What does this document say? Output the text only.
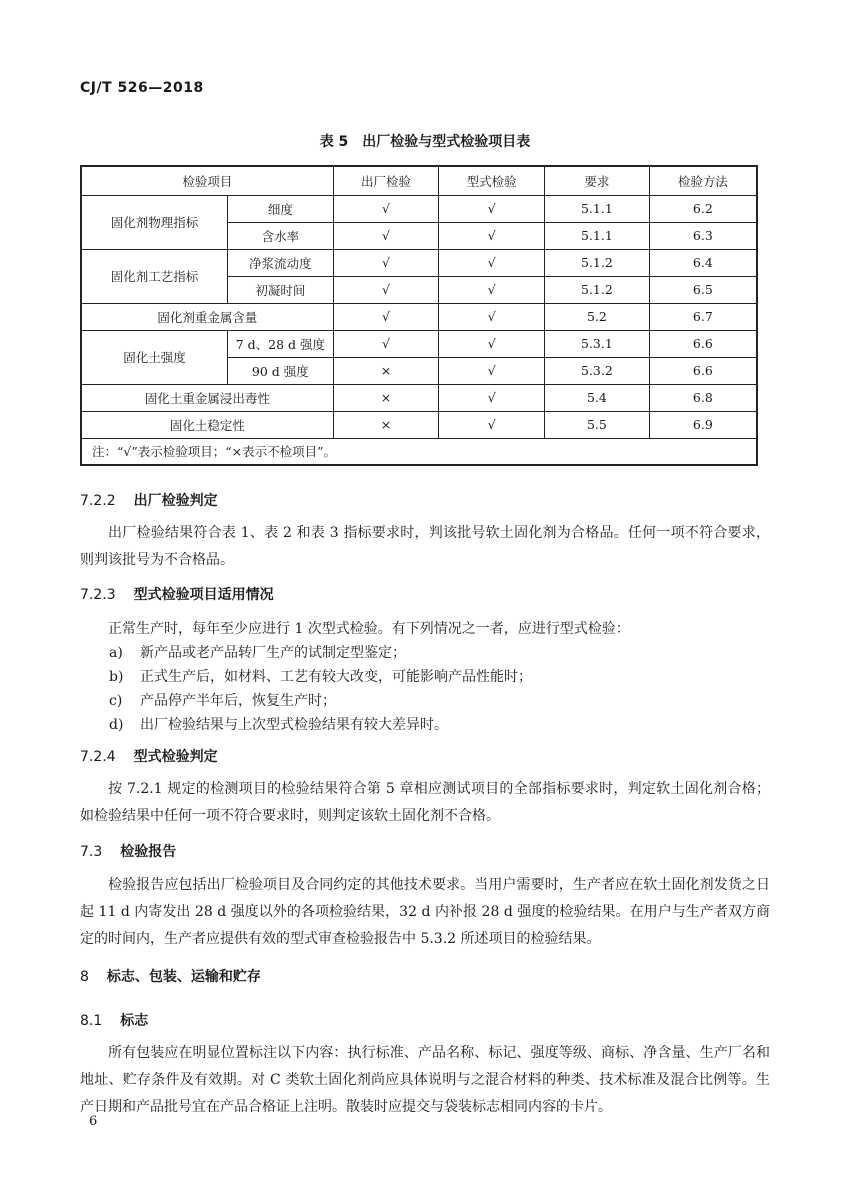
CJ/T 526—2018
表 5　出厂检验与型式检验项目表
检验项目		出厂检验	型式检验	要求	检验方法
固化剂物理指标	细度	√	√	5.1.1	6.2
	含水率	√	√	5.1.1	6.3
固化剂工艺指标	净浆流动度	√	√	5.1.2	6.4
	初凝时间	√	√	5.1.2	6.5
固化剂重金属含量		√	√	5.2	6.7
固化土强度	7 d、28 d 强度	√	√	5.3.1	6.6
	90 d 强度	×	√	5.3.2	6.6
固化土重金属浸出毒性		×	√	5.4	6.8
固化土稳定性		×	√	5.5	6.9
注：“√”表示检验项目；“×表示不检项目”。					
7.2.2 出厂检验判定
出厂检验结果符合表 1、表 2 和表 3 指标要求时，判该批号软土固化剂为合格品。任何一项不符合要求，则判该批号为不合格品。
7.2.3 型式检验项目适用情况
正常生产时，每年至少应进行 1 次型式检验。有下列情况之一者，应进行型式检验：
a) 新产品或老产品转厂生产的试制定型鉴定；
b) 正式生产后，如材料、工艺有较大改变，可能影响产品性能时；
c) 产品停产半年后，恢复生产时；
d) 出厂检验结果与上次型式检验结果有较大差异时。
7.2.4 型式检验判定
按 7.2.1 规定的检测项目的检验结果符合第 5 章相应测试项目的全部指标要求时，判定软土固化剂合格；如检验结果中任何一项不符合要求时，则判定该软土固化剂不合格。
7.3 检验报告
检验报告应包括出厂检验项目及合同约定的其他技术要求。当用户需要时，生产者应在软土固化剂发货之日起 11 d 内寄发出 28 d 强度以外的各项检验结果，32 d 内补报 28 d 强度的检验结果。在用户与生产者双方商定的时间内，生产者应提供有效的型式审查检验报告中 5.3.2 所述项目的检验结果。
8 标志、包装、运输和贮存
8.1 标志
所有包装应在明显位置标注以下内容：执行标准、产品名称、标记、强度等级、商标、净含量、生产厂名和地址、贮存条件及有效期。对 C 类软土固化剂尚应具体说明与之混合材料的种类、技术标准及混合比例等。生产日期和产品批号宜在产品合格证上注明。散装时应提交与袋装标志相同内容的卡片。
6
